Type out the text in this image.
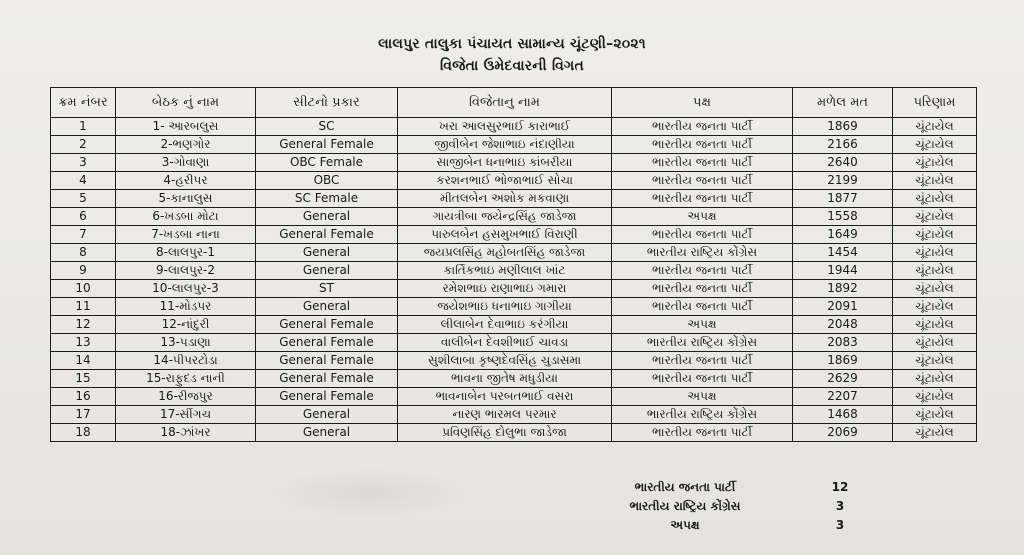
લાલપુર તાલુકા પંચાયત સામાન્ય ચૂંટણી–૨૦૨૧
વિજેતા ઉમેદવારની વિગત
ક્રમ નંબર	બેઠક નું નામ	સીટનો પ્રકાર	વિજેતાનુ નામ	પક્ષ	મળેલ મત	પરિણામ
1	1- આરબલુસ	SC	ખરા આલસુરભાઈ કારાભાઈ	ભારતીય જનતા પાર્ટી	1869	ચૂંટાયેલ
2	2-ભણગોર	General Female	જીવીબેન જેશાભાઇ નંદાણીયા	ભારતીય જનતા પાર્ટી	2166	ચૂંટાયેલ
3	3-ગોવાણા	OBC Female	સાજીબેન ધનાભાઇ કાંબરીયા	ભારતીય જનતા પાર્ટી	2640	ચૂંટાયેલ
4	4-હરીપર	OBC	કરશનભાઈ ભોજાભાઈ સોચા	ભારતીય જનતા પાર્ટી	2199	ચૂંટાયેલ
5	5-કાનાલુસ	SC Female	મીતલબેન અશોક મકવાણા	ભારતીય જનતા પાર્ટી	1877	ચૂંટાયેલ
6	6-ખડબા મોટા	General	ગાયત્રીબા જયેન્દ્રસિંહ જાડેજા	અપક્ષ	1558	ચૂંટાયેલ
7	7-ખડબા નાના	General Female	પારુલબેન હસમુખભાઈ વિરાણી	ભારતીય જનતા પાર્ટી	1649	ચૂંટાયેલ
8	8-લાલપુર-1	General	જયપ્રલસિંહ મહોબતસિંહ જાડેજા	ભારતીય રાષ્ટ્રિય કોંગ્રેસ	1454	ચૂંટાયેલ
9	9-લાલપુર-2	General	કાર્તિકભાઇ મણીલાલ ખાંટ	ભારતીય જનતા પાર્ટી	1944	ચૂંટાયેલ
10	10-લાલપુર-3	ST	રમેશભાઇ રાણાભાઇ ગમારા	ભારતીય જનતા પાર્ટી	1892	ચૂંટાયેલ
11	11-મોડપર	General	જયેશભાઇ ધનાભાઇ ગાગીયા	ભારતીય જનતા પાર્ટી	2091	ચૂંટાયેલ
12	12-નાંદુરી	General Female	લીલાબેન દેવાભાઇ કરંગીયા	અપક્ષ	2048	ચૂંટાયેલ
13	13-પડાણા	General Female	વાલીબેન દેવશીભાઈ ચાવડા	ભારતીય રાષ્ટ્રિય કોંગ્રેસ	2083	ચૂંટાયેલ
14	14-પીપરટોડા	General Female	સુશીલાબા કૃષ્ણદેવસિંહ ચુડાસમા	ભારતીય જનતા પાર્ટી	1869	ચૂંટાયેલ
15	15-રાફુદડ નાની	General Female	ભાવના જીતેષ મધુડીયા	ભારતીય જનતા પાર્ટી	2629	ચૂંટાયેલ
16	16-રીજપુર	General Female	ભાવનાબેન પરબતભાઈ વસરા	અપક્ષ	2207	ચૂંટાયેલ
17	17-સીંગચ	General	નારણ ભારમલ પરમાર	ભારતીય રાષ્ટ્રિય કોંગ્રેસ	1468	ચૂંટાયેલ
18	18-ઝાંખર	General	પ્રવિણસિંહ દોલુભા જાડેજા	ભારતીય જનતા પાર્ટી	2069	ચૂંટાયેલ
ભારતીય જનતા પાર્ટી	12
ભારતીય રાષ્ટ્રિય કોંગ્રેસ	3
અપક્ષ	3
